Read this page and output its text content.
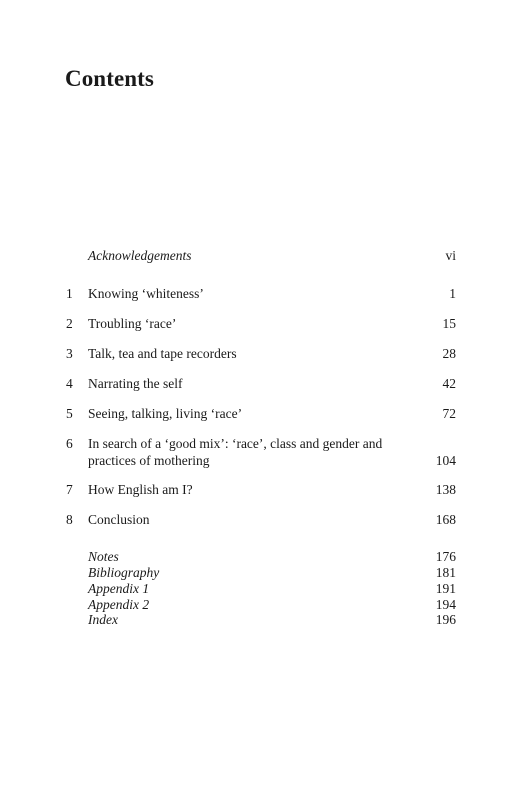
Contents
Acknowledgements	vi
1 Knowing ‘whiteness’	1
2 Troubling ‘race’	15
3 Talk, tea and tape recorders	28
4 Narrating the self	42
5 Seeing, talking, living ‘race’	72
6 In search of a ‘good mix’: ‘race’, class and gender and practices of mothering	104
7 How English am I?	138
8 Conclusion	168
Notes	176
Bibliography	181
Appendix 1	191
Appendix 2	194
Index	196
